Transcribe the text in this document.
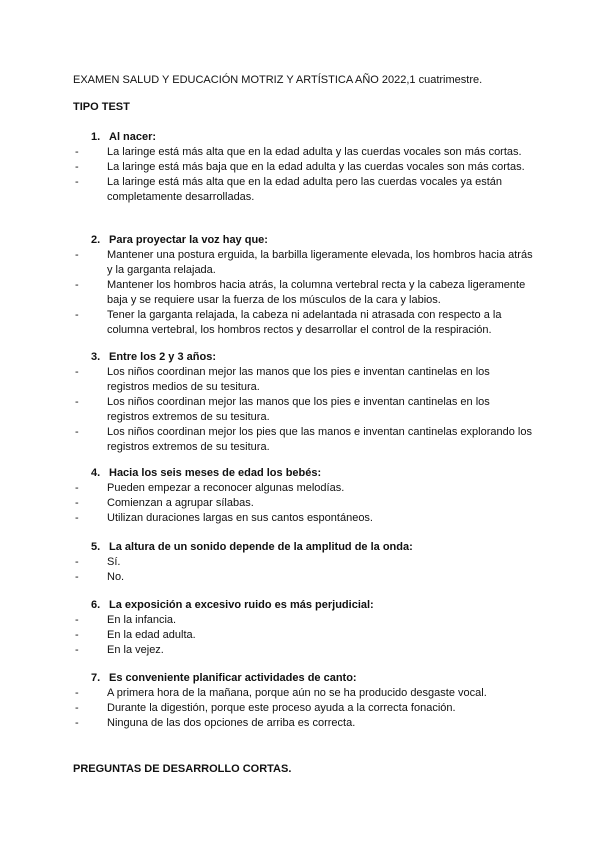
EXAMEN SALUD Y EDUCACIÓN MOTRIZ Y ARTÍSTICA AÑO 2022,1 cuatrimestre.
TIPO TEST
1. Al nacer:
-	La laringe está más alta que en la edad adulta y las cuerdas vocales son más cortas.
-	La laringe está más baja que en la edad adulta y las cuerdas vocales son más cortas.
-	La laringe está más alta que en la edad adulta pero las cuerdas vocales ya están completamente desarrolladas.
2. Para proyectar la voz hay que:
-	Mantener una postura erguida, la barbilla ligeramente elevada, los hombros hacia atrás y la garganta relajada.
-	Mantener los hombros hacia atrás, la columna vertebral recta y la cabeza ligeramente baja y se requiere usar la fuerza de los músculos de la cara y labios.
-	Tener la garganta relajada, la cabeza ni adelantada ni atrasada con respecto a la columna vertebral, los hombros rectos y desarrollar el control de la respiración.
3. Entre los 2 y 3 años:
-	Los niños coordinan mejor las manos que los pies e inventan cantinelas en los registros medios de su tesitura.
-	Los niños coordinan mejor las manos que los pies e inventan cantinelas en los registros extremos de su tesitura.
-	Los niños coordinan mejor los pies que las manos e inventan cantinelas explorando los registros extremos de su tesitura.
4. Hacia los seis meses de edad los bebés:
-	Pueden empezar a reconocer algunas melodías.
-	Comienzan a agrupar sílabas.
-	Utilizan duraciones largas en sus cantos espontáneos.
5. La altura de un sonido depende de la amplitud de la onda:
-	Sí.
-	No.
6. La exposición a excesivo ruido es más perjudicial:
-	En la infancia.
-	En la edad adulta.
-	En la vejez.
7. Es conveniente planificar actividades de canto:
-	A primera hora de la mañana, porque aún no se ha producido desgaste vocal.
-	Durante la digestión, porque este proceso ayuda a la correcta fonación.
-	Ninguna de las dos opciones de arriba es correcta.
PREGUNTAS DE DESARROLLO CORTAS.
